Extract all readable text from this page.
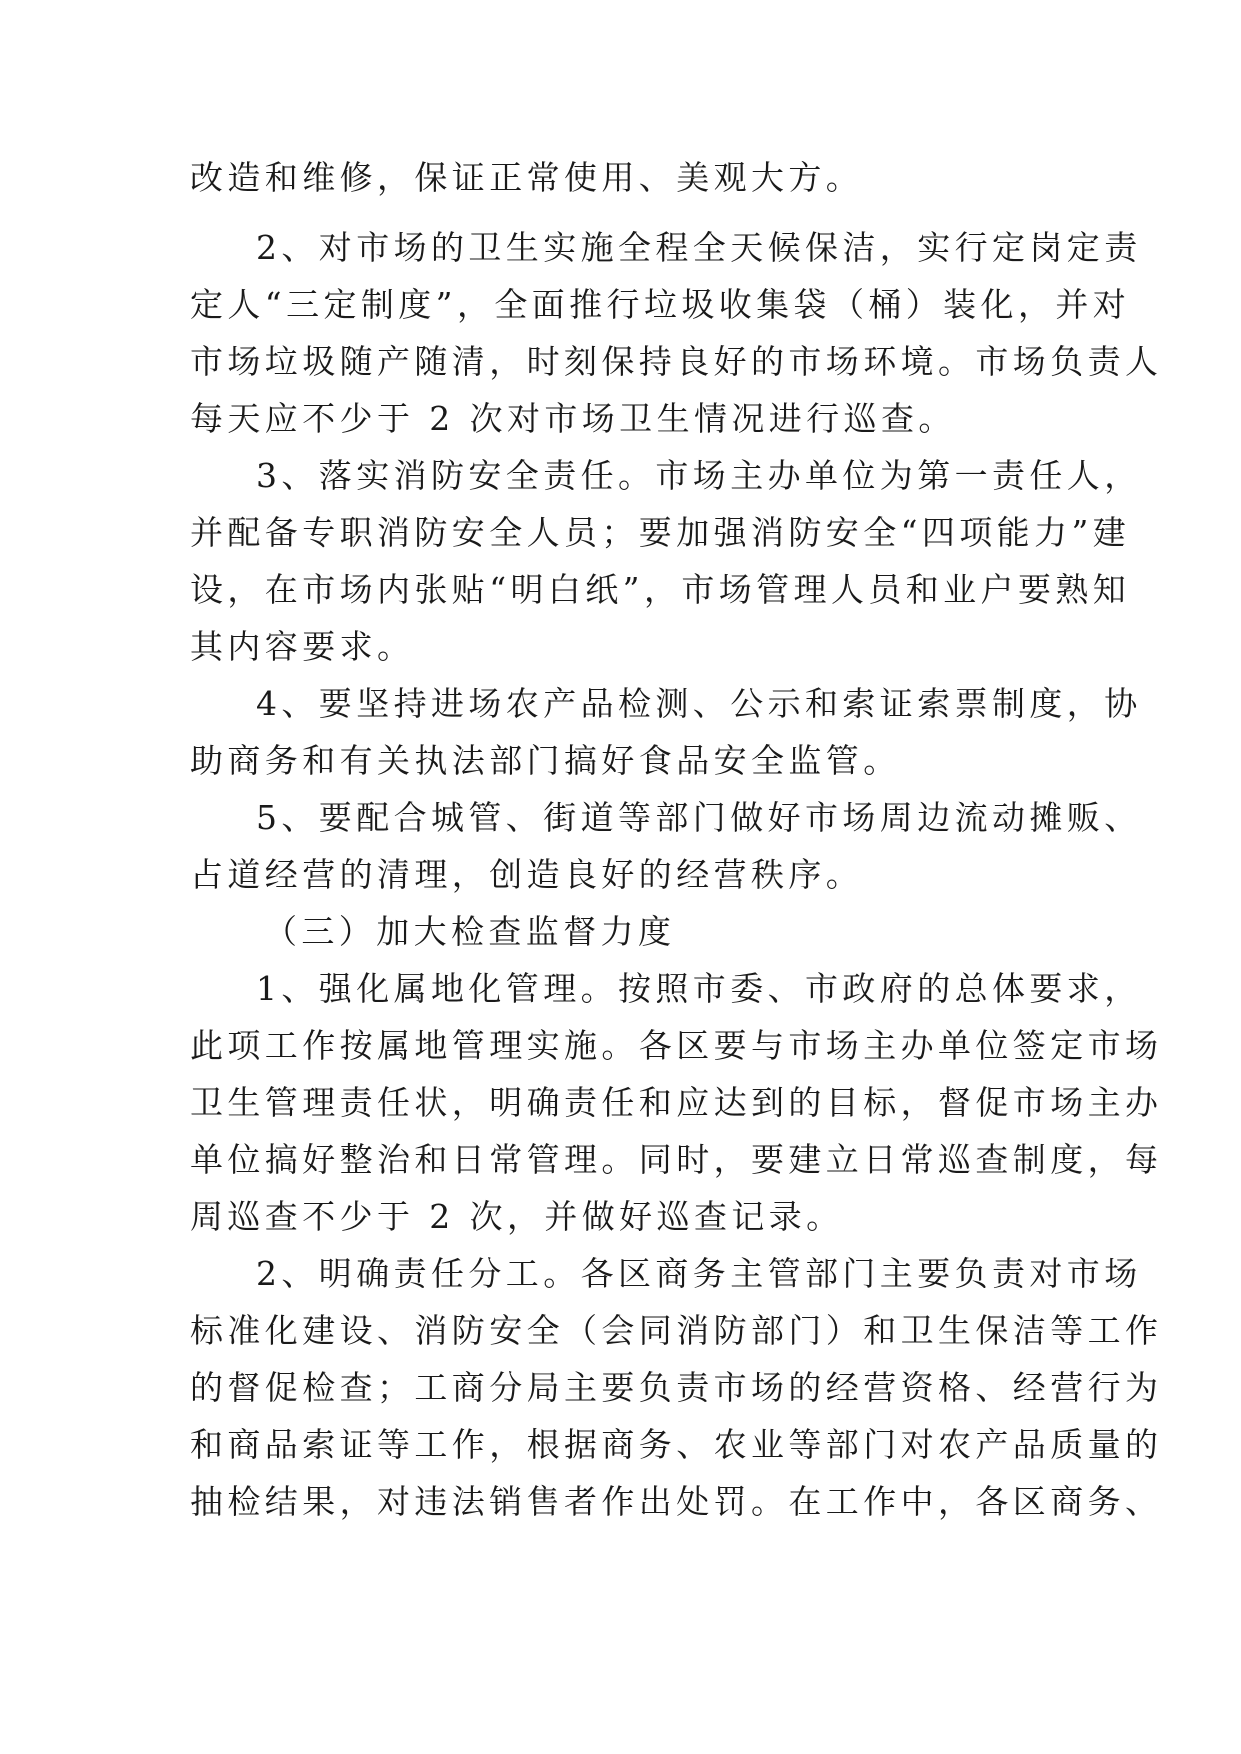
改造和维修，保证正常使用、美观大方。
2、对市场的卫生实施全程全天候保洁，实行定岗定责
定人“三定制度”，全面推行垃圾收集袋（桶）装化，并对
市场垃圾随产随清，时刻保持良好的市场环境。市场负责人
每天应不少于 2 次对市场卫生情况进行巡查。
3、落实消防安全责任。市场主办单位为第一责任人，
并配备专职消防安全人员；要加强消防安全“四项能力”建
设，在市场内张贴“明白纸”，市场管理人员和业户要熟知
其内容要求。
4、要坚持进场农产品检测、公示和索证索票制度，协
助商务和有关执法部门搞好食品安全监管。
5、要配合城管、街道等部门做好市场周边流动摊贩、
占道经营的清理，创造良好的经营秩序。
（三）加大检查监督力度
1、强化属地化管理。按照市委、市政府的总体要求，
此项工作按属地管理实施。各区要与市场主办单位签定市场
卫生管理责任状，明确责任和应达到的目标，督促市场主办
单位搞好整治和日常管理。同时，要建立日常巡查制度，每
周巡查不少于 2 次，并做好巡查记录。
2、明确责任分工。各区商务主管部门主要负责对市场
标准化建设、消防安全（会同消防部门）和卫生保洁等工作
的督促检查；工商分局主要负责市场的经营资格、经营行为
和商品索证等工作，根据商务、农业等部门对农产品质量的
抽检结果，对违法销售者作出处罚。在工作中，各区商务、
